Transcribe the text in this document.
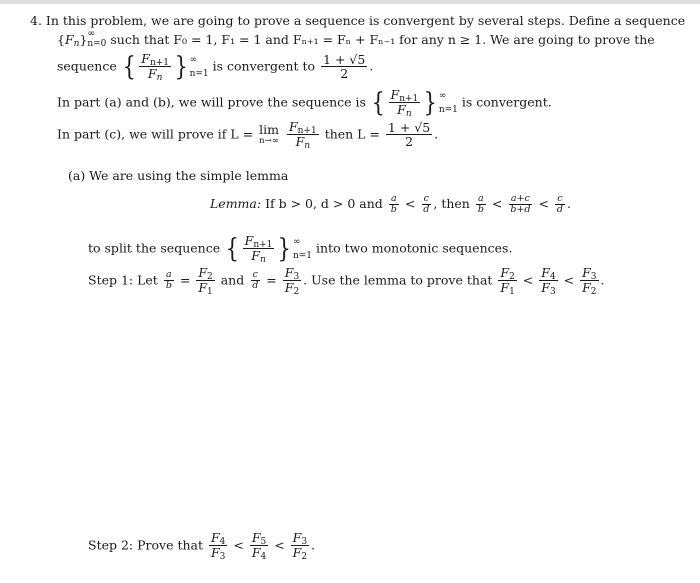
4. In this problem, we are going to prove a sequence is convergent by several steps. Define a sequence
{Fn}∞n=0 such that F₀ = 1, F₁ = 1 and Fₙ₊₁ = Fₙ + Fₙ₋₁ for any n ≥ 1. We are going to prove the
sequence { $\frac{Fn+1}{Fn}$ } ∞
n=1
is convergent to $\frac{1 + √5}{2}$ .
In part (a) and (b), we will prove the sequence is { $\frac{Fn+1}{Fn}$ } ∞
n=1
is convergent.
In part (c), we will prove if L = lim
n→∞
$\frac{Fn+1}{Fn}$ then $L = \frac{1 + √5}{2}$ .
(a) We are using the simple lemma
Lemma: If b > 0, d > 0 and $\frac{a}{b} < \frac{c}{d}$ , then $\frac{a}{b} < \frac{a+c}{b+d} < \frac{c}{d}$ .
to split the sequence { $\frac{Fn+1}{Fn}$ } ∞
n=1
into two monotonic sequences.
Step 1: Let $\frac{a}{b} = \frac{F2}{F1}$ and $\frac{c}{d} = \frac{F3}{F2}$ . Use the lemma to prove that $\frac{F2}{F1} < \frac{F4}{F3} < \frac{F3}{F2}$ .
Step 2: Prove that $\frac{F4}{F3} < \frac{F5}{F4} < \frac{F3}{F2}$ .
